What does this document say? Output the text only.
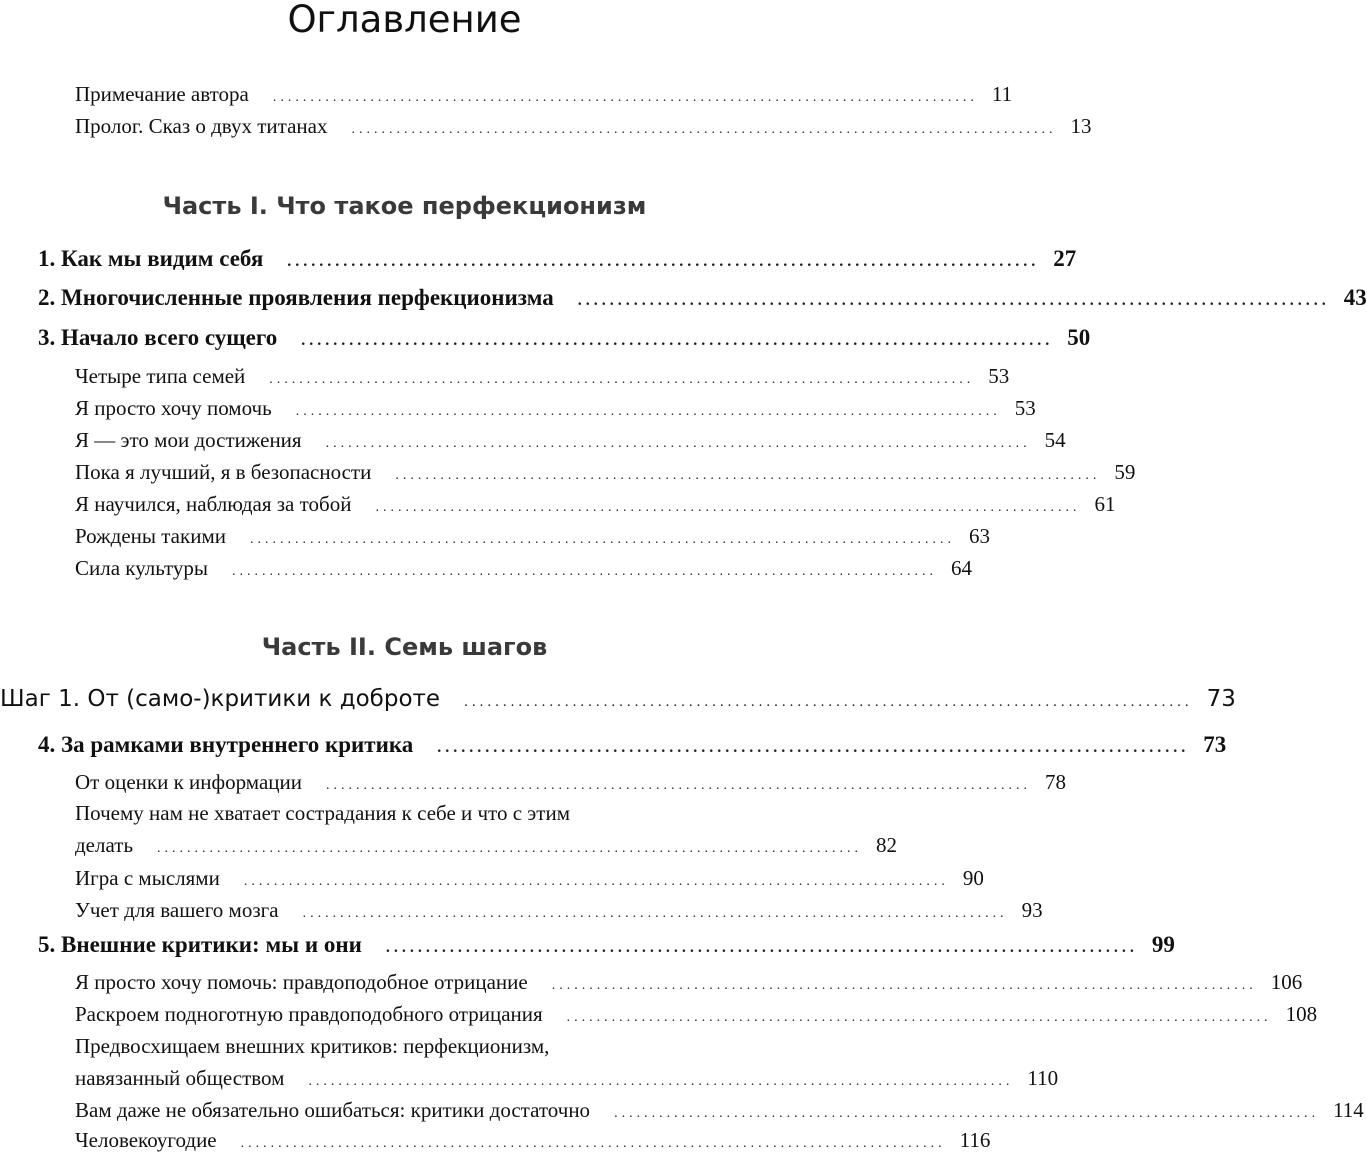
Оглавление
Примечание автора .............................................................................................. 11
Пролог. Сказ о двух титанах .............................................................................................. 13
Часть I. Что такое перфекционизм
1. Как мы видим себя .............................................................................................. 27
2. Многочисленные проявления перфекционизма .............................................................................................. 43
3. Начало всего сущего .............................................................................................. 50
Четыре типа семей .............................................................................................. 53
Я просто хочу помочь .............................................................................................. 53
Я — это мои достижения .............................................................................................. 54
Пока я лучший, я в безопасности .............................................................................................. 59
Я научился, наблюдая за тобой .............................................................................................. 61
Рождены такими .............................................................................................. 63
Сила культуры .............................................................................................. 64
Часть II. Семь шагов
Шаг 1. От (само-)критики к доброте .............................................................................................. 73
4. За рамками внутреннего критика .............................................................................................. 73
От оценки к информации .............................................................................................. 78
Почему нам не хватает сострадания к себе и что с этим
делать .............................................................................................. 82
Игра с мыслями .............................................................................................. 90
Учет для вашего мозга .............................................................................................. 93
5. Внешние критики: мы и они .............................................................................................. 99
Я просто хочу помочь: правдоподобное отрицание .............................................................................................. 106
Раскроем подноготную правдоподобного отрицания .............................................................................................. 108
Предвосхищаем внешних критиков: перфекционизм,
навязанный обществом .............................................................................................. 110
Вам даже не обязательно ошибаться: критики достаточно .............................................................................................. 114
Человекоугодие .............................................................................................. 116
